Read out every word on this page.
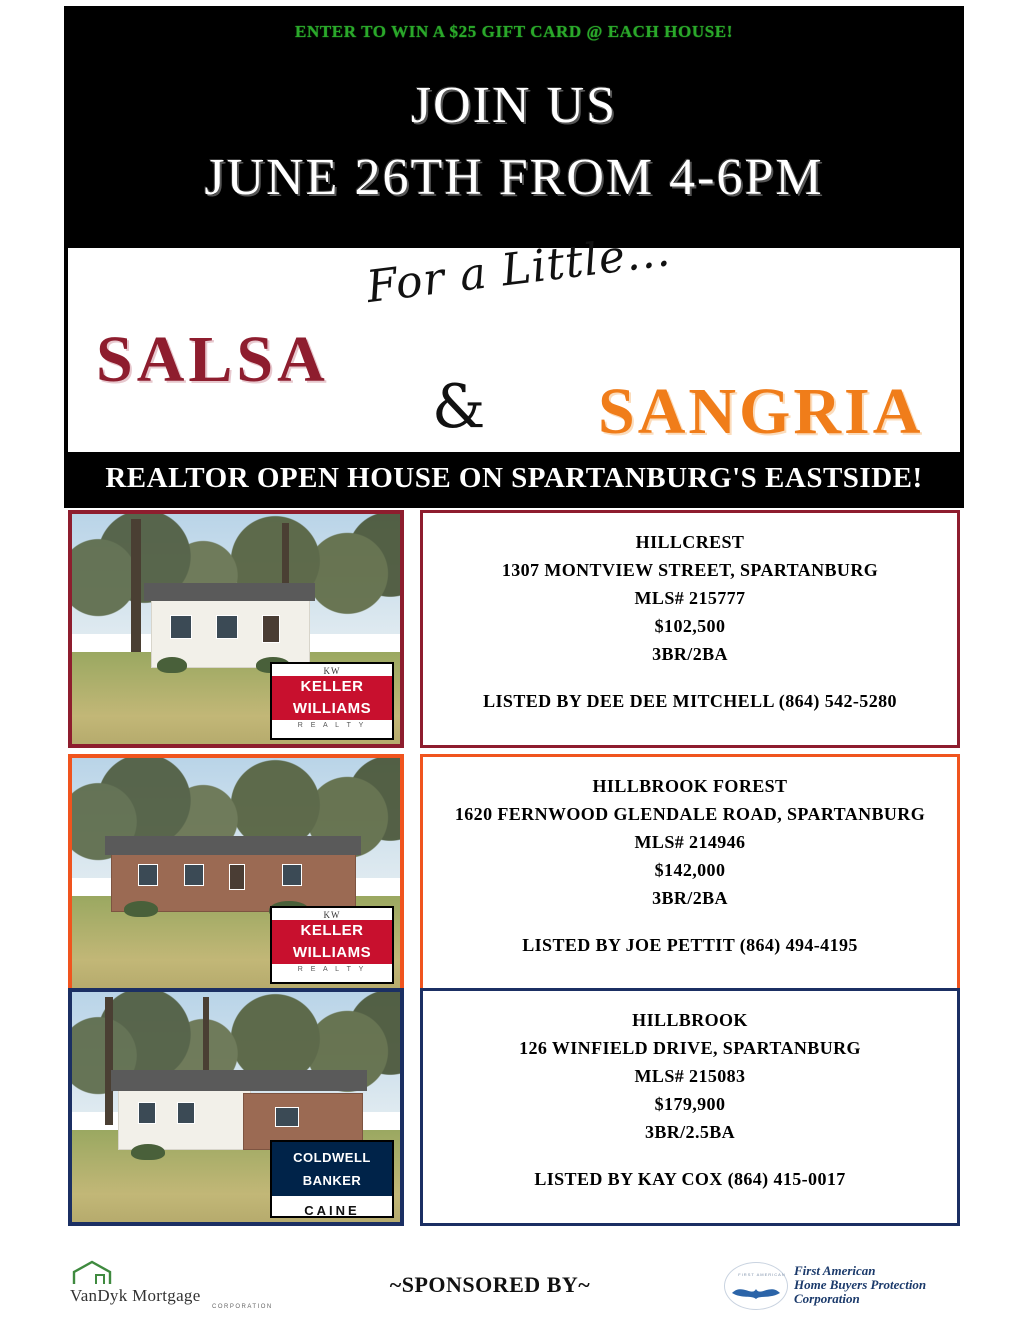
ENTER TO WIN A $25 GIFT CARD @ EACH HOUSE!
JOIN US
JUNE 26TH FROM 4-6PM
For a Little...
SALSA
& SANGRIA
REALTOR OPEN HOUSE ON SPARTANBURG'S EASTSIDE!
KW
KELLER
WILLIAMS
R E A L T Y
HILLCREST
1307 MONTVIEW STREET, SPARTANBURG
MLS# 215777
$102,500
3BR/2BA
LISTED BY DEE DEE MITCHELL (864) 542-5280
KW
KELLER
WILLIAMS
R E A L T Y
HILLBROOK FOREST
1620 FERNWOOD GLENDALE ROAD, SPARTANBURG
MLS# 214946
$142,000
3BR/2BA
LISTED BY JOE PETTIT (864) 494-4195
COLDWELL
BANKER
CAINE
HILLBROOK
126 WINFIELD DRIVE, SPARTANBURG
MLS# 215083
$179,900
3BR/2.5BA
LISTED BY KAY COX (864) 415-0017
VanDyk Mortgage
CORPORATION
~SPONSORED BY~	FIRST AMERICAN First American
Home Buyers Protection
Corporation
